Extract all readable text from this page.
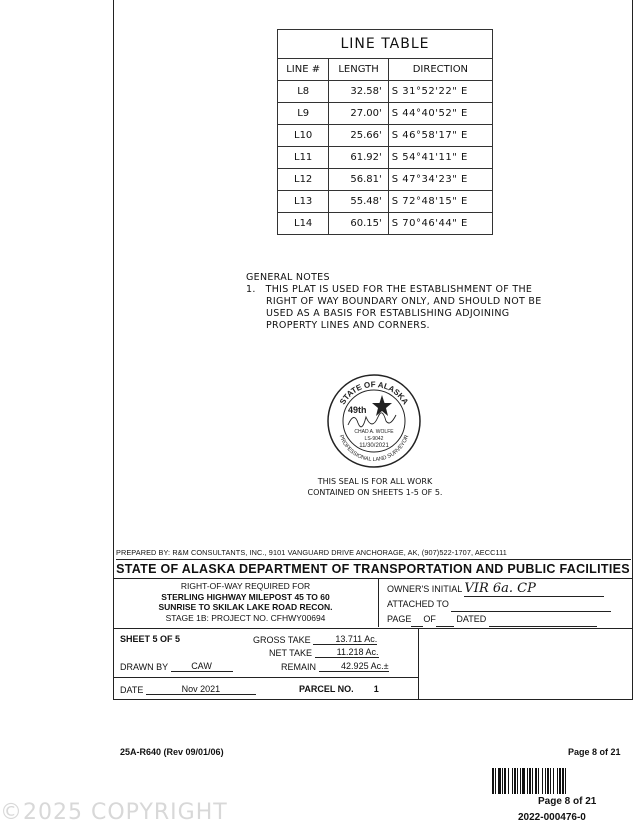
LINE TABLE		
LINE #	LENGTH	DIRECTION
L8	32.58'	S 31°52'22" E
L9	27.00'	S 44°40'52" E
L10	25.66'	S 46°58'17" E
L11	61.92'	S 54°41'11" E
L12	56.81'	S 47°34'23" E
L13	55.48'	S 72°48'15" E
L14	60.15'	S 70°46'44" E
GENERAL NOTES
1. THIS PLAT IS USED FOR THE ESTABLISHMENT OF THE RIGHT OF WAY BOUNDARY ONLY, AND SHOULD NOT BE USED AS A BASIS FOR ESTABLISHING ADJOINING PROPERTY LINES AND CORNERS.
STATE OF ALASKA
PROFESSIONAL LAND SURVEYOR
49th
CHAD A. WOLFE
LS-9042
11/30/2021
THIS SEAL IS FOR ALL WORK
CONTAINED ON SHEETS 1-5 OF 5.
PREPARED BY: R&M CONSULTANTS, INC., 9101 VANGUARD DRIVE ANCHORAGE, AK, (907)522-1707, AECC111
STATE OF ALASKA DEPARTMENT OF TRANSPORTATION AND PUBLIC FACILITIES
RIGHT-OF-WAY REQUIRED FOR
STERLING HIGHWAY MILEPOST 45 TO 60
SUNRISE TO SKILAK LAKE ROAD RECON.
STAGE 1B: PROJECT NO. CFHWY00694
OWNER'S INITIAL VIR 6a. CP
ATTACHED TO
PAGE OF DATED
SHEET 5 OF 5	GROSS TAKE	13.711 Ac.
NET TAKE	11.218 Ac.
DRAWN BY	CAW	REMAIN	42.925 Ac.±
DATE	Nov 2021	PARCEL NO. 1
25A-R640 (Rev 09/01/06)	Page 8 of 21
Page 8 of 21
©2025 COPYRIGHT	2022-000476-0
